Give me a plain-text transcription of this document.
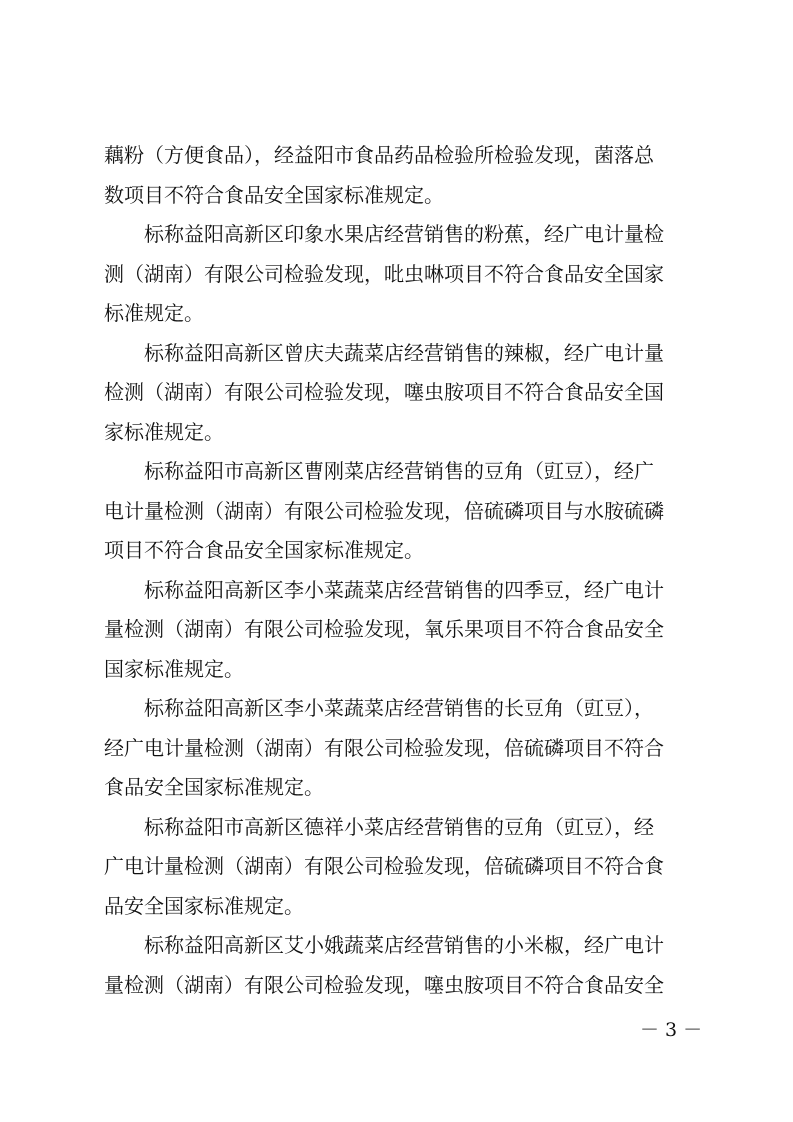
藕粉（方便食品），经益阳市食品药品检验所检验发现，菌落总
数项目不符合食品安全国家标准规定。
　　标称益阳高新区印象水果店经营销售的粉蕉，经广电计量检
测（湖南）有限公司检验发现，吡虫啉项目不符合食品安全国家
标准规定。
　　标称益阳高新区曾庆夫蔬菜店经营销售的辣椒，经广电计量
检测（湖南）有限公司检验发现，噻虫胺项目不符合食品安全国
家标准规定。
　　标称益阳市高新区曹刚菜店经营销售的豆角（豇豆），经广
电计量检测（湖南）有限公司检验发现，倍硫磷项目与水胺硫磷
项目不符合食品安全国家标准规定。
　　标称益阳高新区李小菜蔬菜店经营销售的四季豆，经广电计
量检测（湖南）有限公司检验发现，氧乐果项目不符合食品安全
国家标准规定。
　　标称益阳高新区李小菜蔬菜店经营销售的长豆角（豇豆），
经广电计量检测（湖南）有限公司检验发现，倍硫磷项目不符合
食品安全国家标准规定。
　　标称益阳市高新区德祥小菜店经营销售的豆角（豇豆），经
广电计量检测（湖南）有限公司检验发现，倍硫磷项目不符合食
品安全国家标准规定。
　　标称益阳高新区艾小娥蔬菜店经营销售的小米椒，经广电计
量检测（湖南）有限公司检验发现，噻虫胺项目不符合食品安全
－ 3 －
